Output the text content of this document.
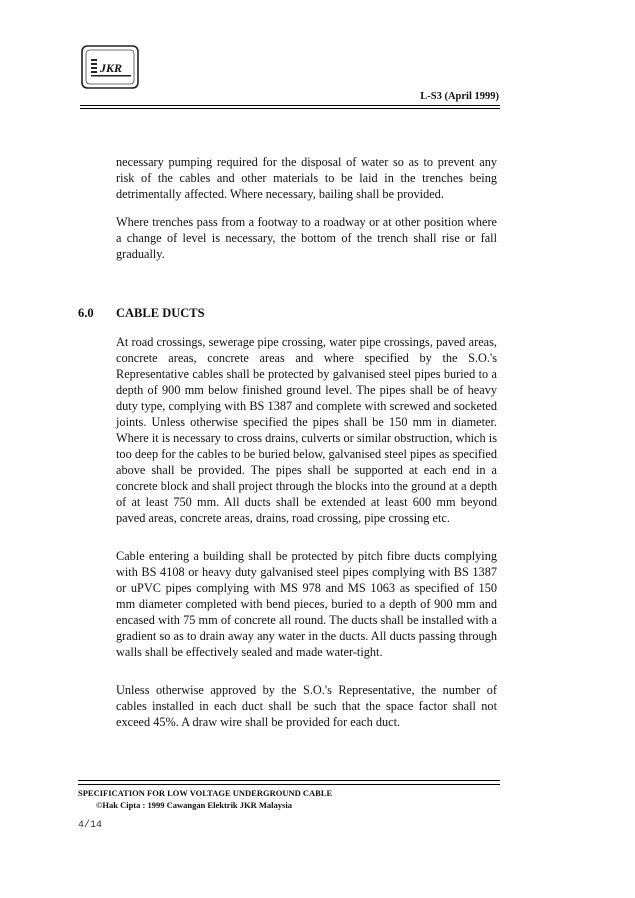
JKR
L-S3 (April 1999)

necessary pumping required for the disposal of water so as to prevent any risk of the cables and other materials to be laid in the trenches being detrimentally affected. Where necessary, bailing shall be provided.

Where trenches pass from a footway to a roadway or at other position where a change of level is necessary, the bottom of the trench shall rise or fall gradually.

6.0 CABLE DUCTS

At road crossings, sewerage pipe crossing, water pipe crossings, paved areas, concrete areas, concrete areas and where specified by the S.O.'s Representative cables shall be protected by galvanised steel pipes buried to a depth of 900 mm below finished ground level. The pipes shall be of heavy duty type, complying with BS 1387 and complete with screwed and socketed joints. Unless otherwise specified the pipes shall be 150 mm in diameter. Where it is necessary to cross drains, culverts or similar obstruction, which is too deep for the cables to be buried below, galvanised steel pipes as specified above shall be provided. The pipes shall be supported at each end in a concrete block and shall project through the blocks into the ground at a depth of at least 750 mm. All ducts shall be extended at least 600 mm beyond paved areas, concrete areas, drains, road crossing, pipe crossing etc.

Cable entering a building shall be protected by pitch fibre ducts complying with BS 4108 or heavy duty galvanised steel pipes complying with BS 1387 or uPVC pipes complying with MS 978 and MS 1063 as specified of 150 mm diameter completed with bend pieces, buried to a depth of 900 mm and encased with 75 mm of concrete all round. The ducts shall be installed with a gradient so as to drain away any water in the ducts. All ducts passing through walls shall be effectively sealed and made water-tight.

Unless otherwise approved by the S.O.'s Representative, the number of cables installed in each duct shall be such that the space factor shall not exceed 45%. A draw wire shall be provided for each duct.

SPECIFICATION FOR LOW VOLTAGE UNDERGROUND CABLE
©Hak Cipta : 1999 Cawangan Elektrik JKR Malaysia
4/14
